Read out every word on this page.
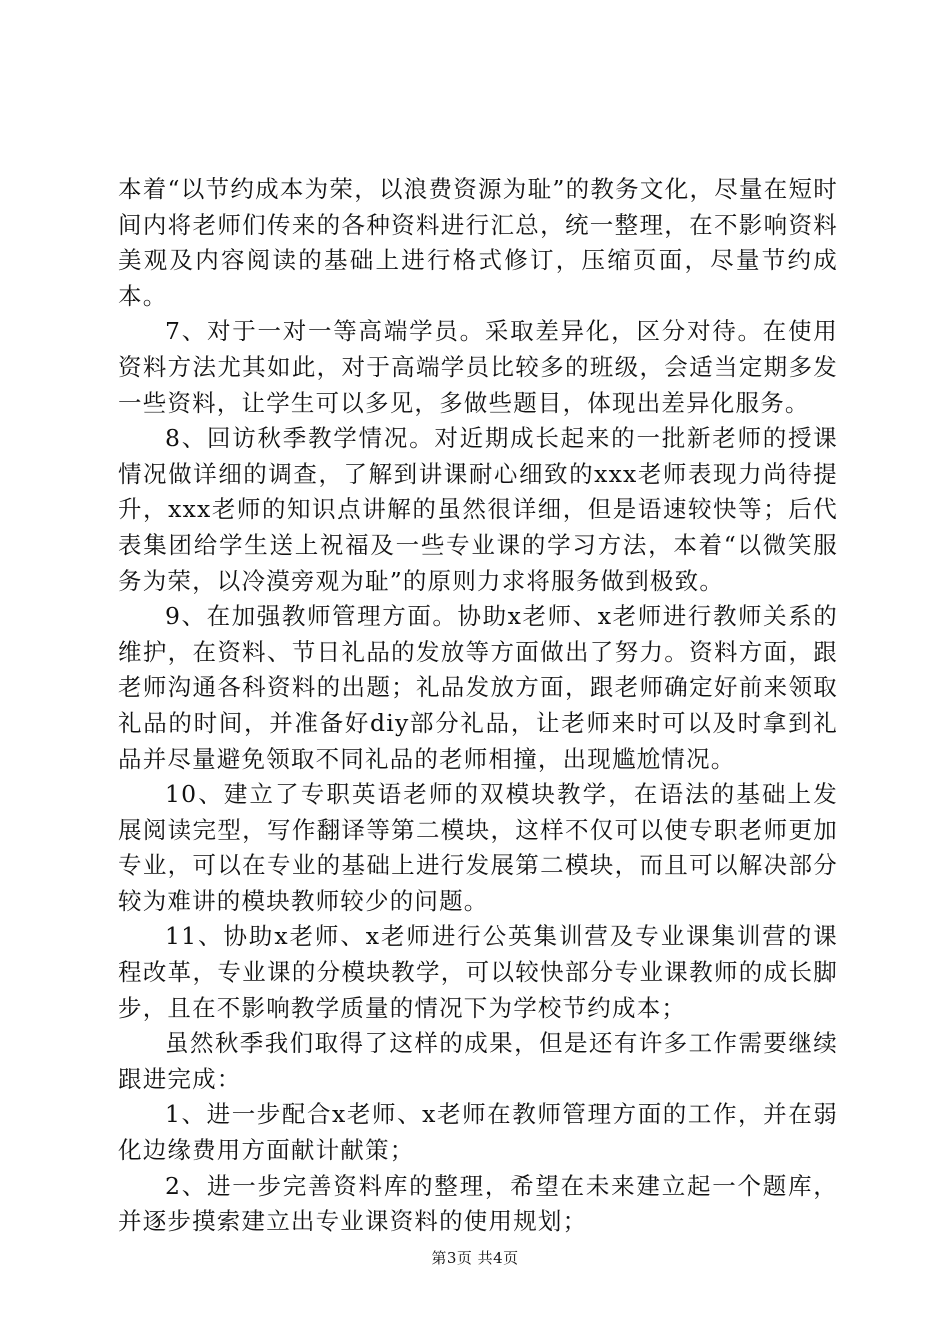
本着“以节约成本为荣，以浪费资源为耻”的教务文化，尽量在短时间内将老师们传来的各种资料进行汇总，统一整理，在不影响资料美观及内容阅读的基础上进行格式修订，压缩页面，尽量节约成本。

7、对于一对一等高端学员。采取差异化，区分对待。在使用资料方法尤其如此，对于高端学员比较多的班级，会适当定期多发一些资料，让学生可以多见，多做些题目，体现出差异化服务。

8、回访秋季教学情况。对近期成长起来的一批新老师的授课情况做详细的调查，了解到讲课耐心细致的xxx老师表现力尚待提升，xxx老师的知识点讲解的虽然很详细，但是语速较快等；后代表集团给学生送上祝福及一些专业课的学习方法，本着“以微笑服务为荣，以冷漠旁观为耻”的原则力求将服务做到极致。

9、在加强教师管理方面。协助x老师、x老师进行教师关系的维护，在资料、节日礼品的发放等方面做出了努力。资料方面，跟老师沟通各科资料的出题；礼品发放方面，跟老师确定好前来领取礼品的时间，并准备好diy部分礼品，让老师来时可以及时拿到礼品并尽量避免领取不同礼品的老师相撞，出现尴尬情况。

10、建立了专职英语老师的双模块教学，在语法的基础上发展阅读完型，写作翻译等第二模块，这样不仅可以使专职老师更加专业，可以在专业的基础上进行发展第二模块，而且可以解决部分较为难讲的模块教师较少的问题。

11、协助x老师、x老师进行公英集训营及专业课集训营的课程改革，专业课的分模块教学，可以较快部分专业课教师的成长脚步，且在不影响教学质量的情况下为学校节约成本；

虽然秋季我们取得了这样的成果，但是还有许多工作需要继续跟进完成：

1、进一步配合x老师、x老师在教师管理方面的工作，并在弱化边缘费用方面献计献策；

2、进一步完善资料库的整理，希望在未来建立起一个题库，并逐步摸索建立出专业课资料的使用规划；

第3页 共4页
